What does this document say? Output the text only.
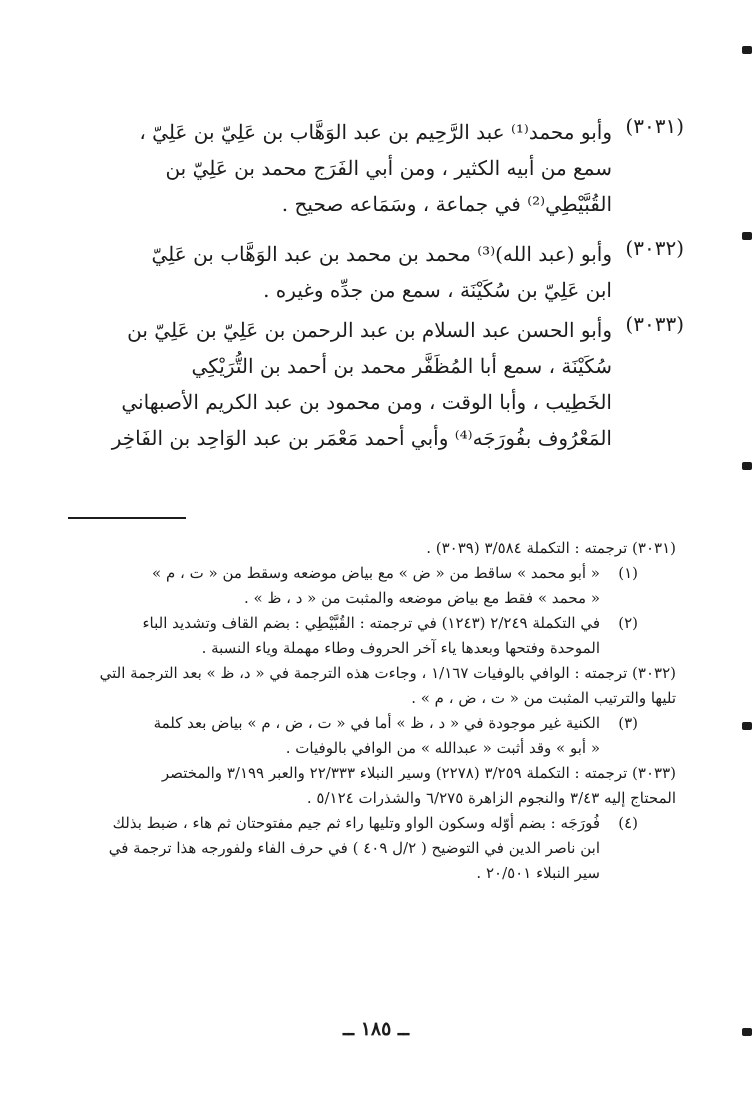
(٣٠٣١)
وأبو محمد⁽¹⁾ عبد الرَّحِيم بن عبد الوَهَّاب بن عَلِيّ بن عَلِيّ ،
سمع من أبيه الكثير ، ومن أبي الفَرَج محمد بن عَلِيّ بن
القُبَّيْطِي⁽²⁾ في جماعة ، وسَمَاعه صحيح .
(٣٠٣٢)
وأبو (عبد الله)⁽³⁾ محمد بن محمد بن عبد الوَهَّاب بن عَلِيّ
ابن عَلِيّ بن سُكَيْنَة ، سمع من جدِّه وغيره .
(٣٠٣٣)
وأبو الحسن عبد السلام بن عبد الرحمن بن عَلِيّ بن عَلِيّ بن
سُكَيْنَة ، سمع أبا المُظَفَّر محمد بن أحمد بن التُّرَيْكِي
الخَطِيب ، وأبا الوقت ، ومن محمود بن عبد الكريم الأصبهاني
المَعْرُوف بفُورَجَه⁽⁴⁾ وأبي أحمد مَعْمَر بن عبد الوَاحِد بن الفَاخِر
(٣٠٣١) ترجمته : التكملة ٣/٥٨٤ (٣٠٣٩) .
(١)« أبو محمد » ساقط من « ض » مع بياض موضعه وسقط من « ت ، م »
« محمد » فقط مع بياض موضعه والمثبت من « د ، ظ » .
(٢)في التكملة ٢/٢٤٩ (١٢٤٣) في ترجمته : القُبَّيْطِي : بضم القاف وتشديد الباء
الموحدة وفتحها وبعدها ياء آخر الحروف وطاء مهملة وياء النسبة .
(٣٠٣٢) ترجمته : الوافي بالوفيات ١/١٦٧ ، وجاءت هذه الترجمة في « د، ظ » بعد الترجمة التي
تليها والترتيب المثبت من « ت ، ض ، م » .
(٣)الكنية غير موجودة في « د ، ظ » أما في « ت ، ض ، م » بياض بعد كلمة
« أبو » وقد أثبت « عبدالله » من الوافي بالوفيات .
(٣٠٣٣) ترجمته : التكملة ٣/٢٥٩ (٢٢٧٨) وسير النبلاء ٢٢/٣٣٣ والعبر ٣/١٩٩ والمختصر
المحتاج إليه ٣/٤٣ والنجوم الزاهرة ٦/٢٧٥ والشذرات ٥/١٢٤ .
(٤)فُورَجَه : بضم أوّله وسكون الواو وتليها راء ثم جيم مفتوحتان ثم هاء ، ضبط بذلك
ابن ناصر الدين في التوضيح ( ٢/ل ٤٠٩ ) في حرف الفاء ولفورجه هذا ترجمة في
سير النبلاء ٢٠/٥٠١ .
ــ ١٨٥ ــ
